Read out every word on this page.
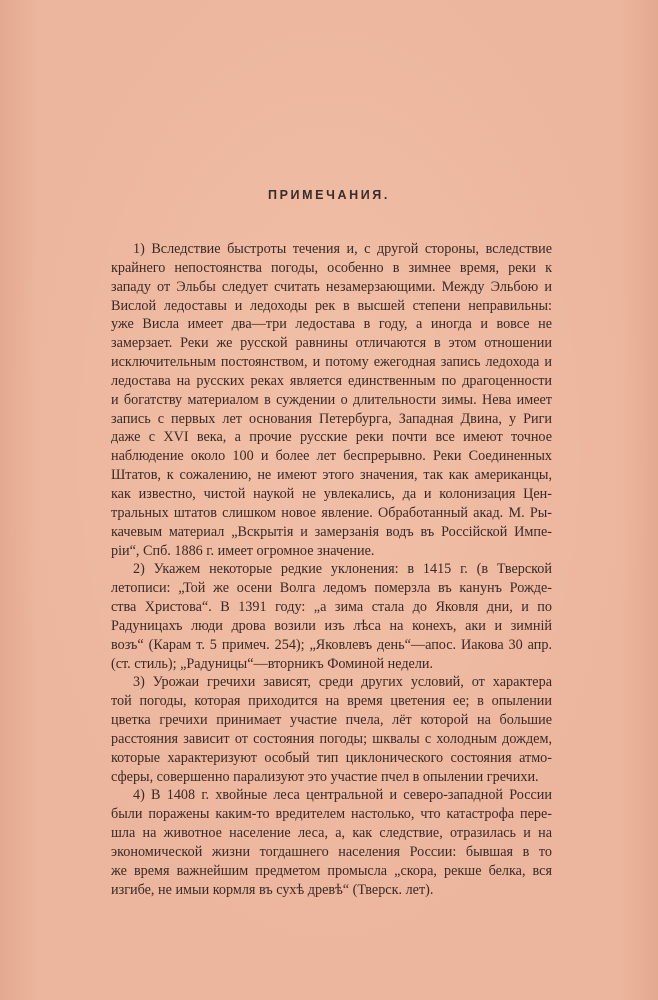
ПРИМЕЧАНИЯ.
1) Вследствие быстроты течения и, с другой стороны, вследствие
крайнего непостоянства погоды, особенно в зимнее время, реки к
западу от Эльбы следует считать незамерзающими. Между Эльбою и
Вислой ледоставы и ледоходы рек в высшей степени неправильны:
уже Висла имеет два—три ледостава в году, а иногда и вовсе не
замерзает. Реки же русской равнины отличаются в этом отношении
исключительным постоянством, и потому ежегодная запись ледохода и
ледостава на русских реках является единственным по драгоценности
и богатству материалом в суждении о длительности зимы. Нева имеет
запись с первых лет основания Петербурга, Западная Двина, у Риги
даже с XVI века, а прочие русские реки почти все имеют точное
наблюдение около 100 и более лет беспрерывно. Реки Соединенных
Штатов, к сожалению, не имеют этого значения, так как американцы,
как известно, чистой наукой не увлекались, да и колонизация Цен-
тральных штатов слишком новое явление. Обработанный акад. М. Ры-
качевым материал „Вскрытія и замерзанія водъ въ Россійской Импе-
ріи“, Спб. 1886 г. имеет огромное значение.
2) Укажем некоторые редкие уклонения: в 1415 г. (в Тверской
летописи: „Той же осени Волга ледомъ померзла въ канунъ Рожде-
ства Христова“. В 1391 году: „а зима стала до Яковля дни, и по
Радуницахъ люди дрова возили изъ лѣса на конехъ, аки и зимній
возъ“ (Карам т. 5 примеч. 254); „Яковлевъ день“—апос. Иакова 30 апр.
(ст. стиль); „Радуницы“—вторникъ Фоминой недели.
3) Урожаи гречихи зависят, среди других условий, от характера
той погоды, которая приходится на время цветения ее; в опылении
цветка гречихи принимает участие пчела, лёт которой на большие
расстояния зависит от состояния погоды; шквалы с холодным дождем,
которые характеризуют особый тип циклонического состояния атмо-
сферы, совершенно парализуют это участие пчел в опылении гречихи.
4) В 1408 г. хвойные леса центральной и северо-западной России
были поражены каким-то вредителем настолько, что катастрофа пере-
шла на животное население леса, а, как следствие, отразилась и на
экономической жизни тогдашнего населения России: бывшая в то
же время важнейшим предметом промысла „скора, рекше белка, вся
изгибе, не имыи кормля въ сухѣ древѣ“ (Тверск. лет).
